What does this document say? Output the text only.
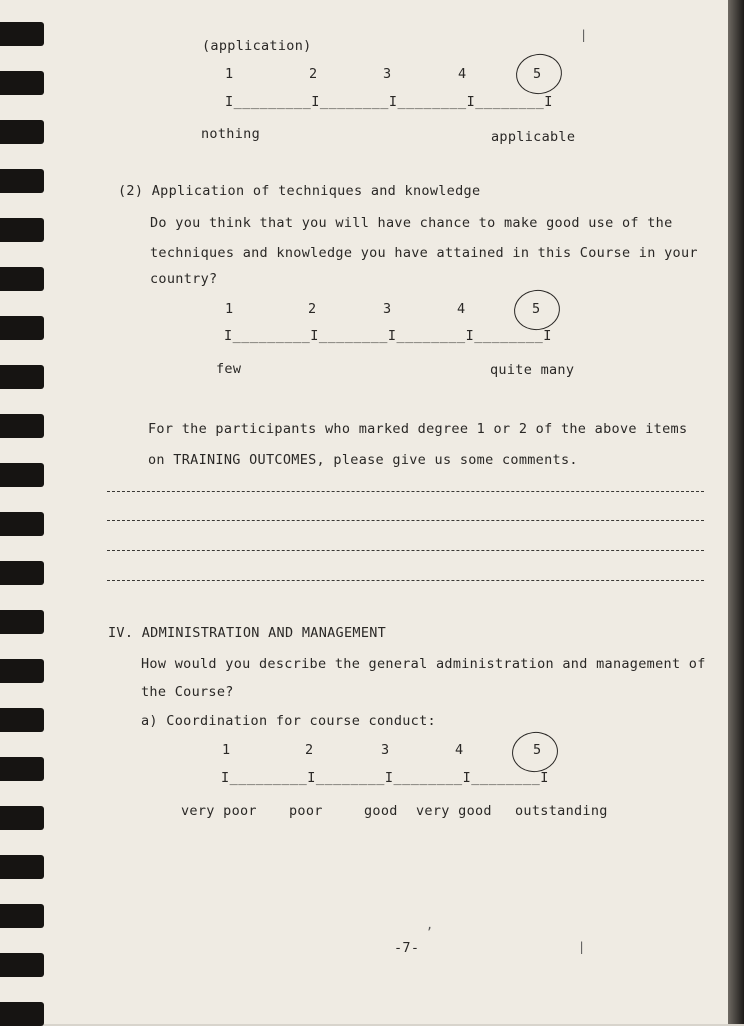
(application)
1	2	3	4	5
I_________I________I________I________I
nothing	applicable
(2) Application of techniques and knowledge
Do you think that you will have chance to make good use of the
techniques and knowledge you have attained in this Course in your
country?
1	2	3	4	5
I_________I________I________I________I
few	quite many
For the participants who marked degree 1 or 2 of the above items
on TRAINING OUTCOMES, please give us some comments.
IV. ADMINISTRATION AND MANAGEMENT
How would you describe the general administration and management of
the Course?
a) Coordination for course conduct:
1	2	3	4	5
I_________I________I________I________I
very poor poor	good very good outstanding
|
|
,
-7-
